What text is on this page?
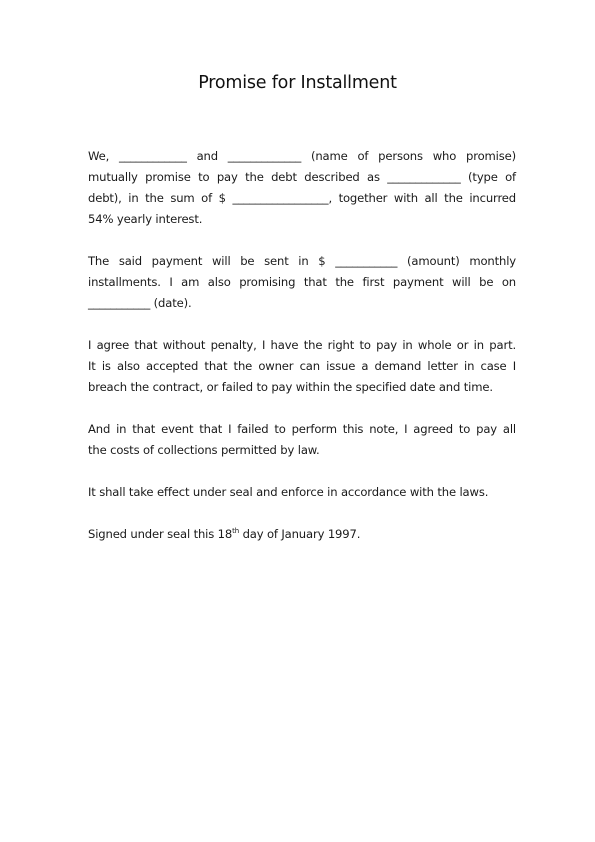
Promise for Installment
We, ____________ and _____________ (name of persons who promise)
mutually promise to pay the debt described as _____________ (type of
debt), in the sum of $ _________________, together with all the incurred
54% yearly interest.
The said payment will be sent in $ ___________ (amount) monthly
installments. I am also promising that the first payment will be on
___________ (date).
I agree that without penalty, I have the right to pay in whole or in part.
It is also accepted that the owner can issue a demand letter in case I
breach the contract, or failed to pay within the specified date and time.
And in that event that I failed to perform this note, I agreed to pay all
the costs of collections permitted by law.
It shall take effect under seal and enforce in accordance with the laws.
Signed under seal this 18th day of January 1997.
